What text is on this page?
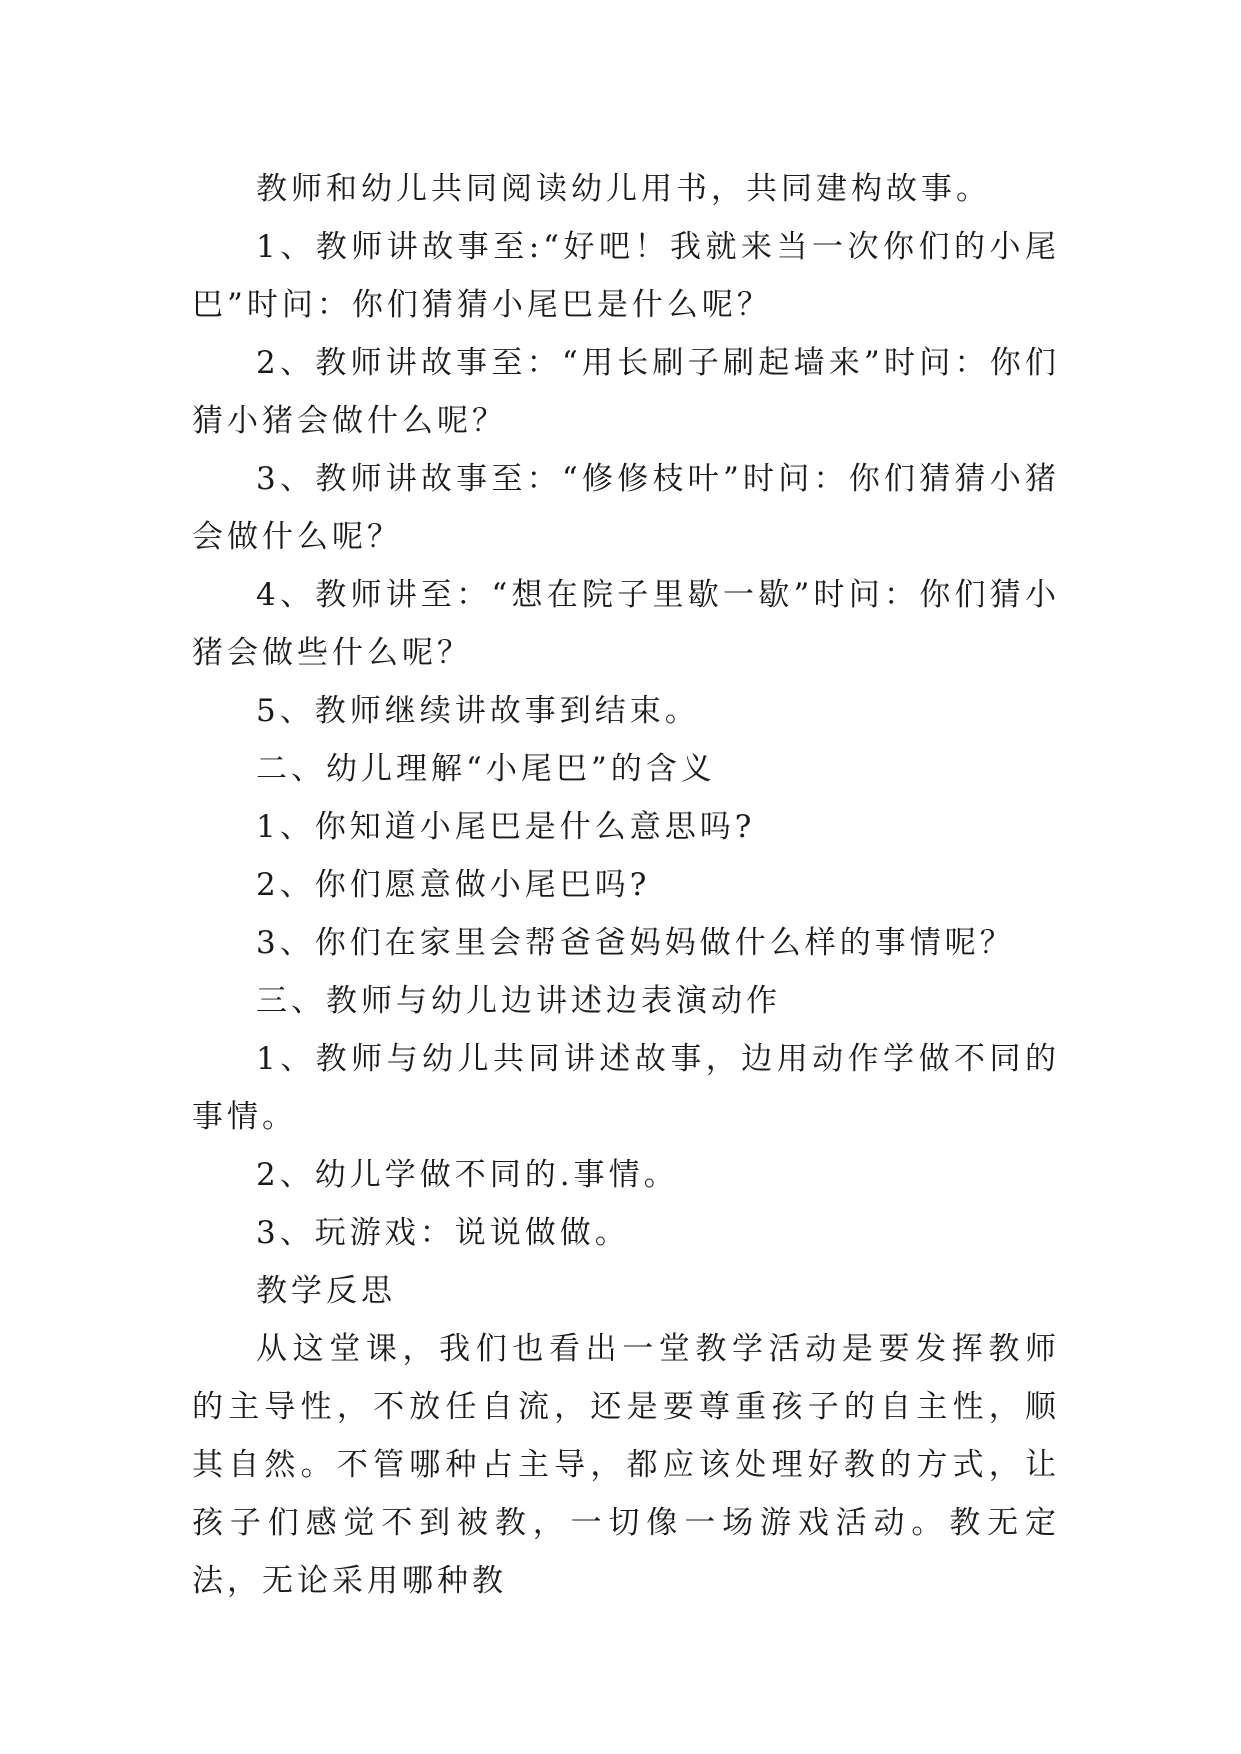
教师和幼儿共同阅读幼儿用书，共同建构故事。

1、教师讲故事至:“好吧！我就来当一次你们的小尾巴”时问：你们猜猜小尾巴是什么呢？

2、教师讲故事至：“用长刷子刷起墙来”时问：你们猜小猪会做什么呢？

3、教师讲故事至：“修修枝叶”时问：你们猜猜小猪会做什么呢？

4、教师讲至：“想在院子里歇一歇”时问：你们猜小猪会做些什么呢？

5、教师继续讲故事到结束。

二、幼儿理解“小尾巴”的含义

1、你知道小尾巴是什么意思吗?

2、你们愿意做小尾巴吗?

3、你们在家里会帮爸爸妈妈做什么样的事情呢？

三、教师与幼儿边讲述边表演动作

1、教师与幼儿共同讲述故事，边用动作学做不同的事情。

2、幼儿学做不同的.事情。

3、玩游戏：说说做做。

教学反思

从这堂课，我们也看出一堂教学活动是要发挥教师的主导性，不放任自流，还是要尊重孩子的自主性，顺其自然。不管哪种占主导，都应该处理好教的方式，让孩子们感觉不到被教，一切像一场游戏活动。教无定法，无论采用哪种教
